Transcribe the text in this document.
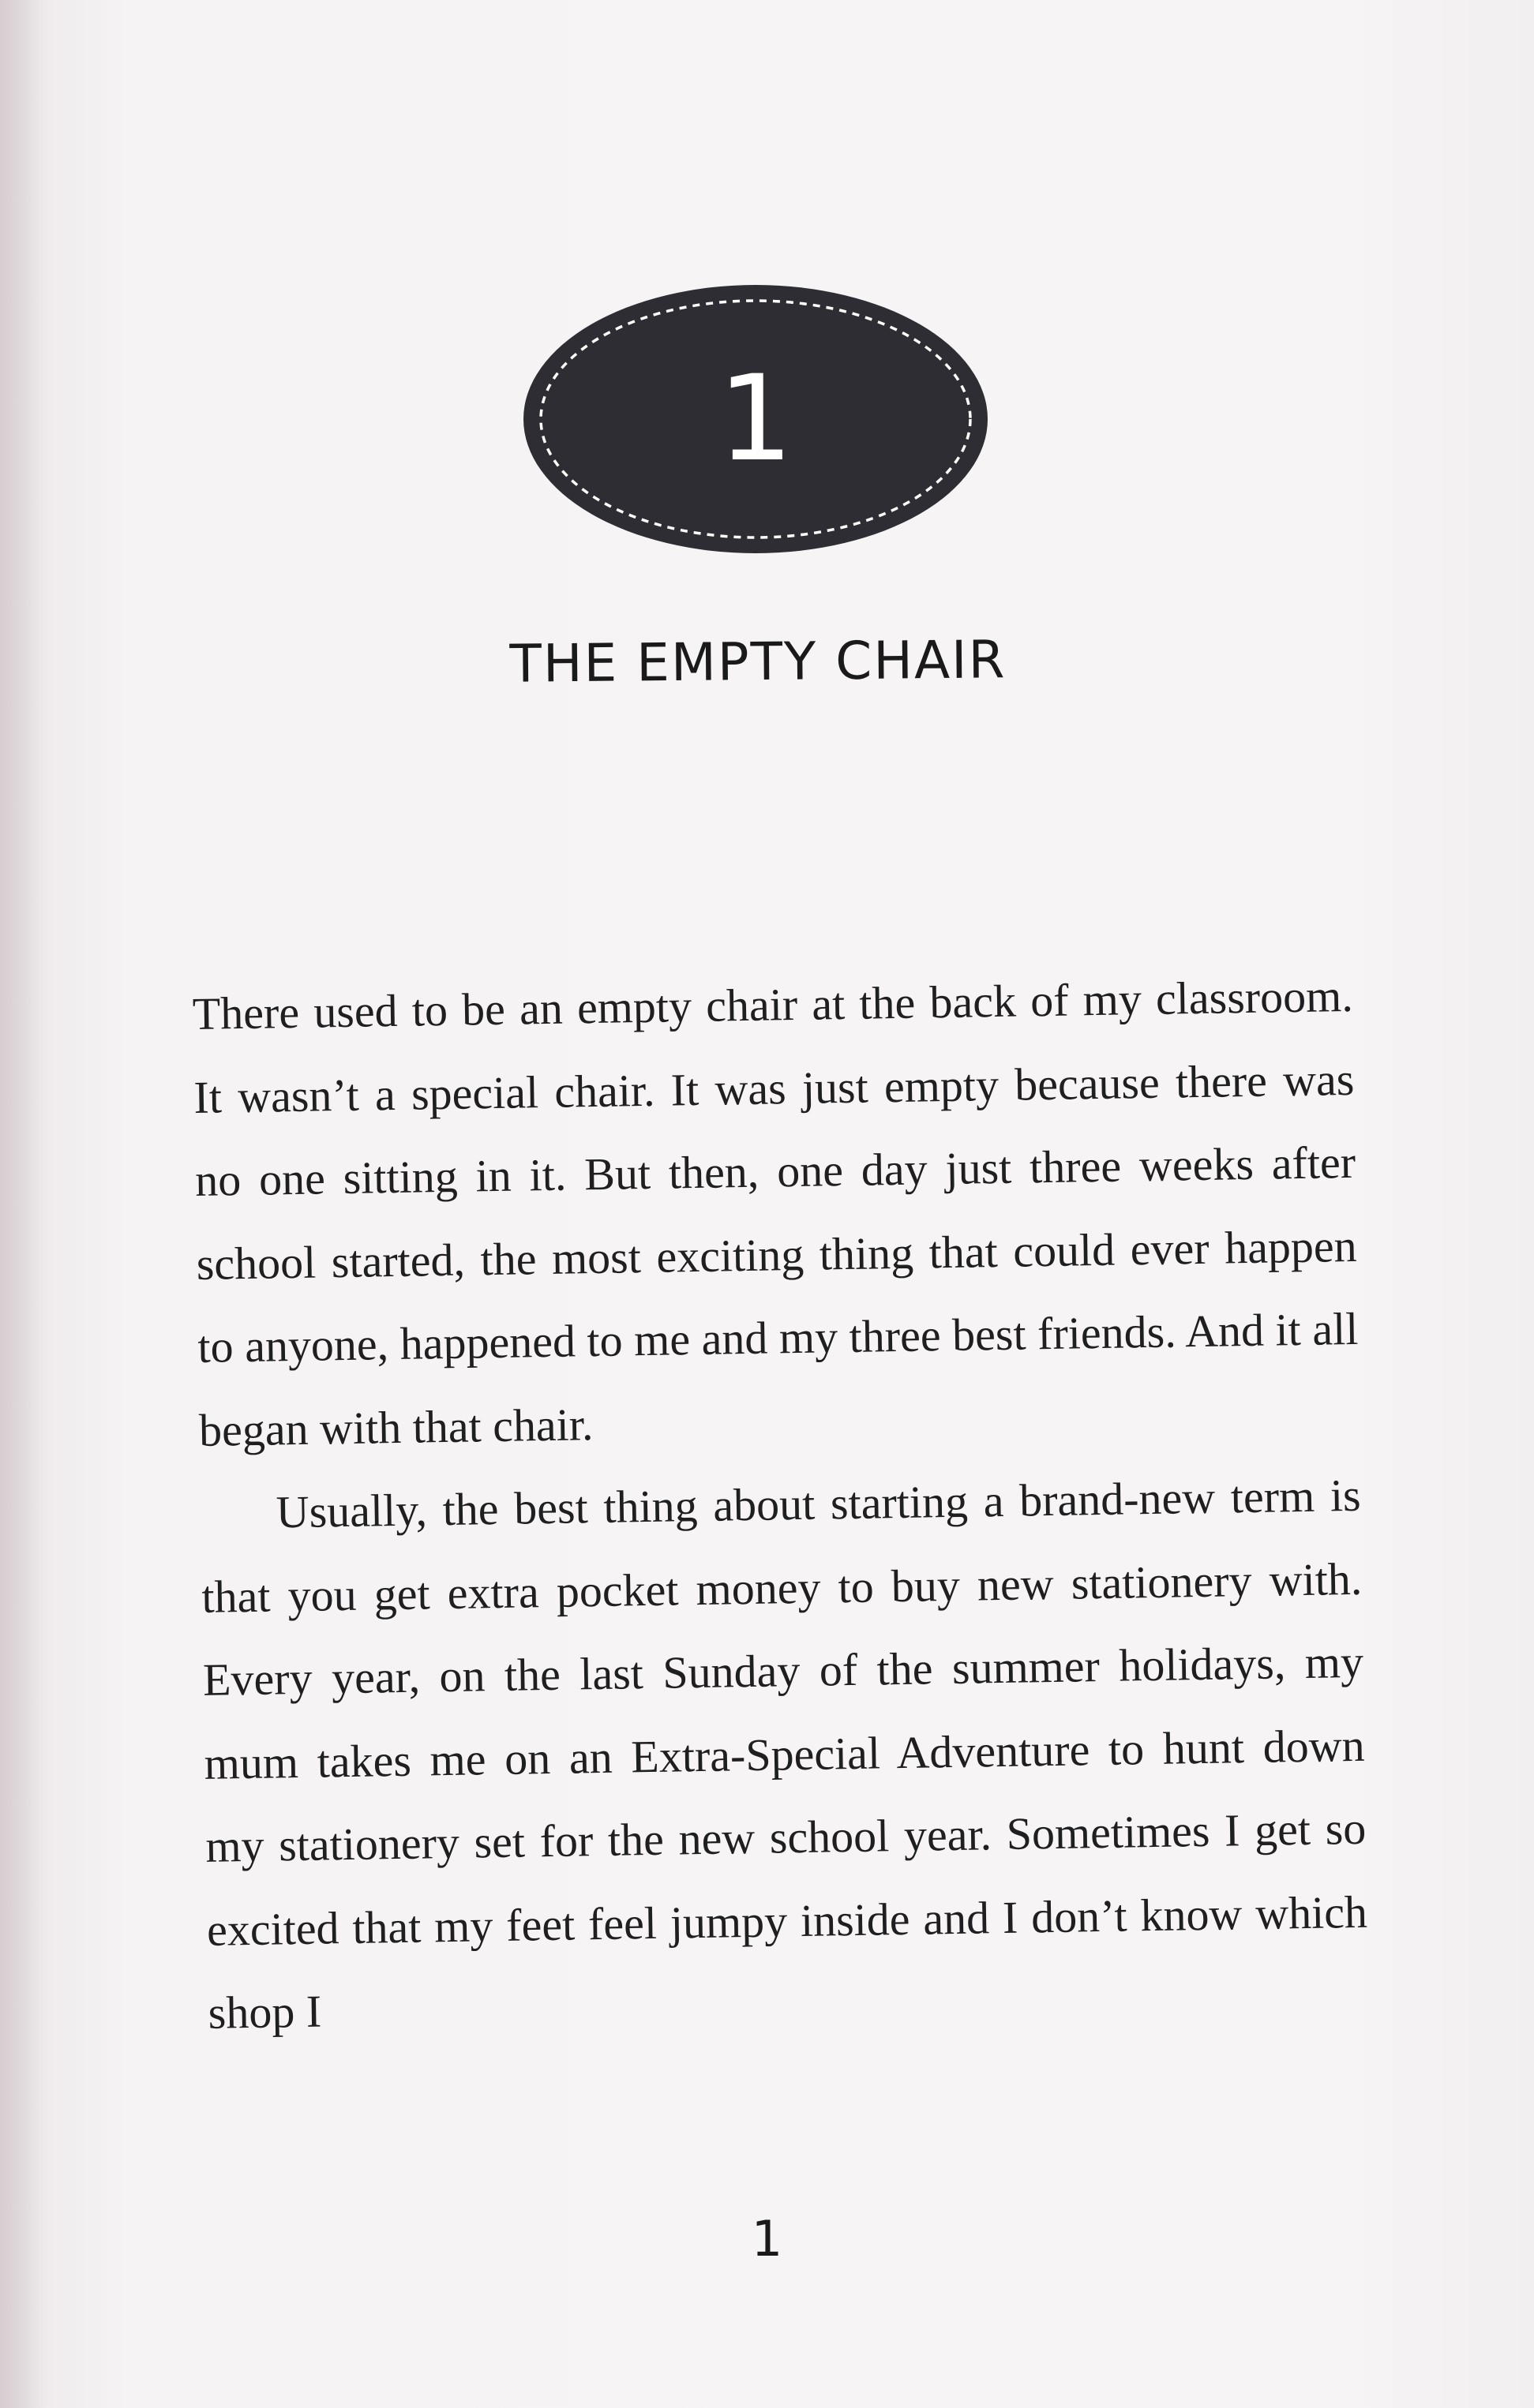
1
THE EMPTY CHAIR

There used to be an empty chair at the back of my classroom. It wasn’t a special chair. It was just empty because there was no one sitting in it. But then, one day just three weeks after school started, the most exciting thing that could ever happen to anyone, happened to me and my three best friends. And it all began with that chair.

Usually, the best thing about starting a brand-new term is that you get extra pocket money to buy new stationery with. Every year, on the last Sunday of the summer holidays, my mum takes me on an Extra-Special Adventure to hunt down my stationery set for the new school year. Sometimes I get so excited that my feet feel jumpy inside and I don’t know which shop I

1
